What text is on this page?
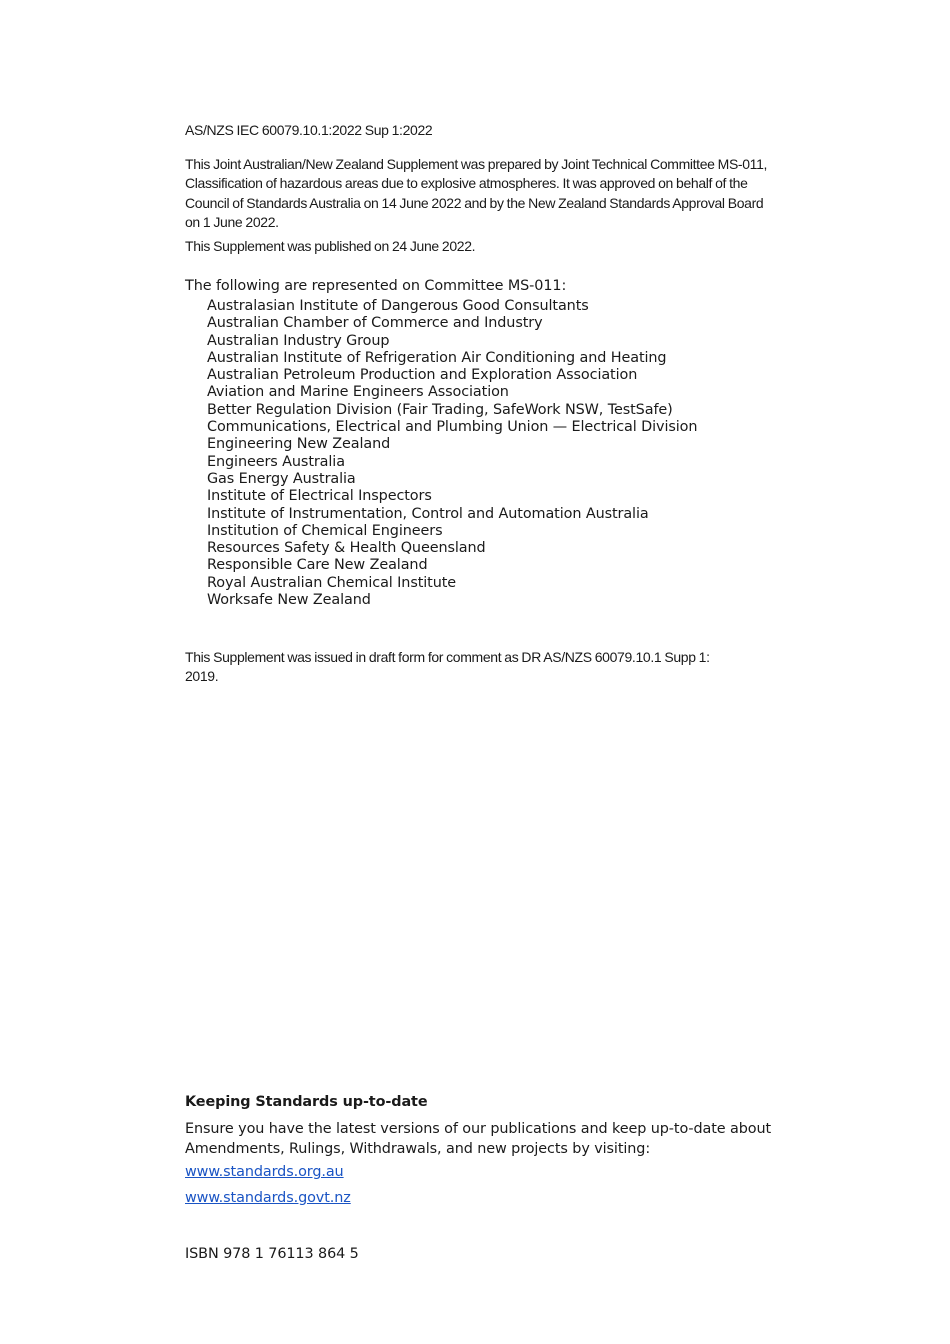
AS/NZS IEC 60079.10.1:2022 Sup 1:2022

This Joint Australian/New Zealand Supplement was prepared by Joint Technical Committee MS-011, Classification of hazardous areas due to explosive atmospheres. It was approved on behalf of the Council of Standards Australia on 14 June 2022 and by the New Zealand Standards Approval Board on 1 June 2022.

This Supplement was published on 24 June 2022.

The following are represented on Committee MS-011:

Australasian Institute of Dangerous Good Consultants
Australian Chamber of Commerce and Industry
Australian Industry Group
Australian Institute of Refrigeration Air Conditioning and Heating
Australian Petroleum Production and Exploration Association
Aviation and Marine Engineers Association
Better Regulation Division (Fair Trading, SafeWork NSW, TestSafe)
Communications, Electrical and Plumbing Union — Electrical Division
Engineering New Zealand
Engineers Australia
Gas Energy Australia
Institute of Electrical Inspectors
Institute of Instrumentation, Control and Automation Australia
Institution of Chemical Engineers
Resources Safety & Health Queensland
Responsible Care New Zealand
Royal Australian Chemical Institute
Worksafe New Zealand

This Supplement was issued in draft form for comment as DR AS/NZS 60079.10.1 Supp 1: 2019.

Keeping Standards up-to-date

Ensure you have the latest versions of our publications and keep up-to-date about Amendments, Rulings, Withdrawals, and new projects by visiting:

www.standards.org.au
www.standards.govt.nz

ISBN 978 1 76113 864 5
